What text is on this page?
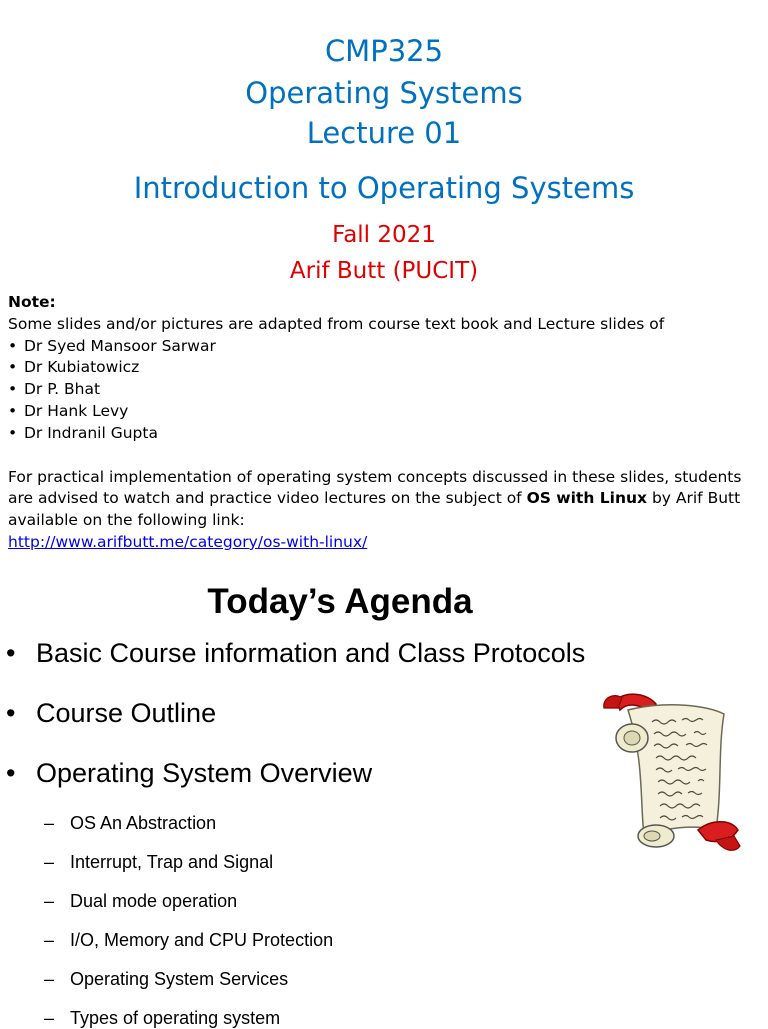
CMP325
Operating Systems
Lecture 01
Introduction to Operating Systems
Fall 2021
Arif Butt (PUCIT)
Note:
Some slides and/or pictures are adapted from course text book and Lecture slides of
• Dr Syed Mansoor Sarwar
• Dr Kubiatowicz
• Dr P. Bhat
• Dr Hank Levy
• Dr Indranil Gupta
For practical implementation of operating system concepts discussed in these slides, students are advised to watch and practice video lectures on the subject of OS with Linux by Arif Butt available on the following link:
http://www.arifbutt.me/category/os-with-linux/
Today’s Agenda
• Basic Course information and Class Protocols
• Course Outline
• Operating System Overview
– OS An Abstraction
– Interrupt, Trap and Signal
– Dual mode operation
– I/O, Memory and CPU Protection
– Operating System Services
– Types of operating system
